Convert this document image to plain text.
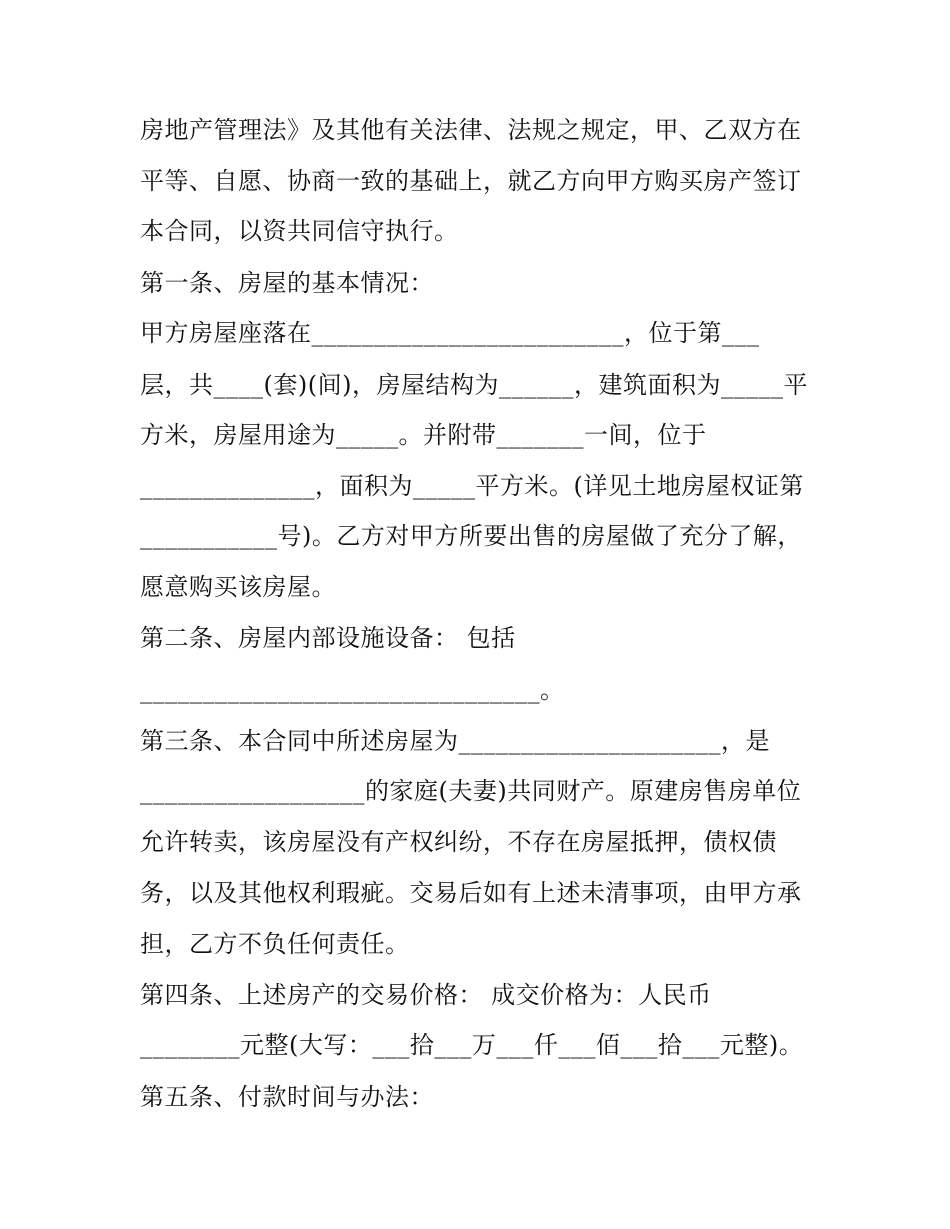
房地产管理法》及其他有关法律、法规之规定，甲、乙双方在
平等、自愿、协商一致的基础上，就乙方向甲方购买房产签订
本合同，以资共同信守执行。
第一条、房屋的基本情况：
甲方房屋座落在_________________________，位于第___
层，共____(套)(间)，房屋结构为______，建筑面积为_____平
方米，房屋用途为_____。并附带_______一间，位于
______________，面积为_____平方米。(详见土地房屋权证第
___________号)。乙方对甲方所要出售的房屋做了充分了解，
愿意购买该房屋。
第二条、房屋内部设施设备： 包括
________________________________。
第三条、本合同中所述房屋为_____________________，是
__________________的家庭(夫妻)共同财产。原建房售房单位
允许转卖，该房屋没有产权纠纷，不存在房屋抵押，债权债
务，以及其他权利瑕疵。交易后如有上述未清事项，由甲方承
担，乙方不负任何责任。
第四条、上述房产的交易价格： 成交价格为：人民币
________元整(大写：___拾___万___仟___佰___拾___元整)。
第五条、付款时间与办法：
